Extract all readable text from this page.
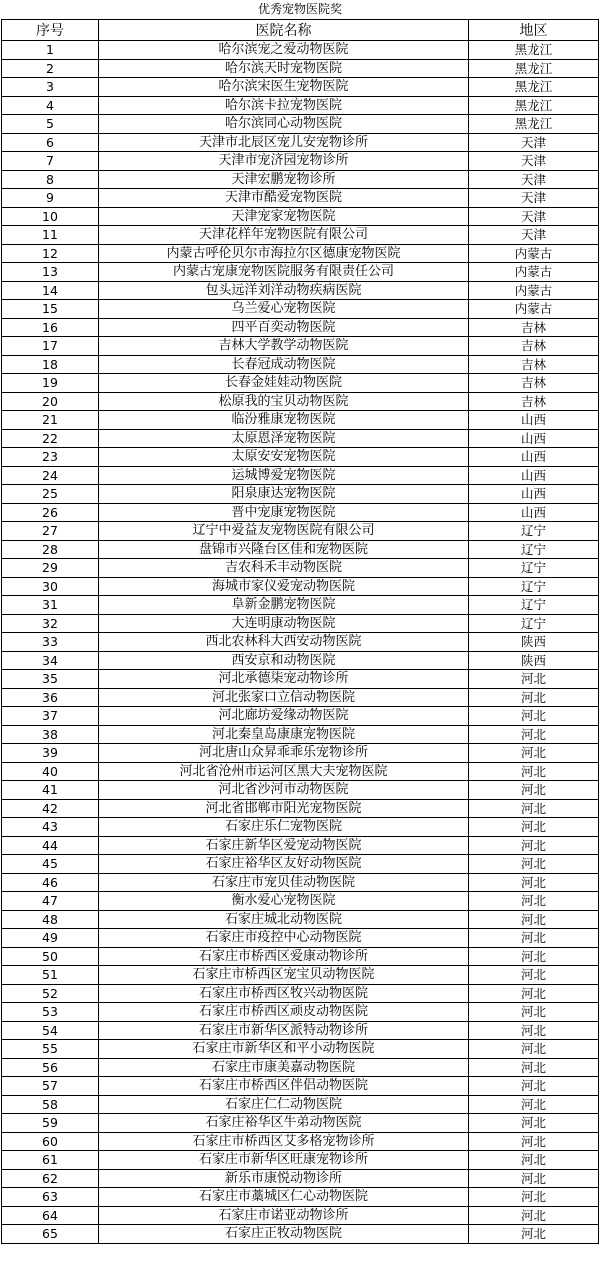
优秀宠物医院奖
序号	医院名称	地区
1	哈尔滨宠之爱动物医院	黑龙江
2	哈尔滨天时宠物医院	黑龙江
3	哈尔滨宋医生宠物医院	黑龙江
4	哈尔滨卡拉宠物医院	黑龙江
5	哈尔滨同心动物医院	黑龙江
6	天津市北辰区宠儿安宠物诊所	天津
7	天津市宠济园宠物诊所	天津
8	天津宏鹏宠物诊所	天津
9	天津市酷爱宠物医院	天津
10	天津宠家宠物医院	天津
11	天津花样年宠物医院有限公司	天津
12	内蒙古呼伦贝尔市海拉尔区德康宠物医院	内蒙古
13	内蒙古宠康宠物医院服务有限责任公司	内蒙古
14	包头远洋刘洋动物疾病医院	内蒙古
15	乌兰爱心宠物医院	内蒙古
16	四平百奕动物医院	吉林
17	吉林大学教学动物医院	吉林
18	长春冠成动物医院	吉林
19	长春金娃娃动物医院	吉林
20	松原我的宝贝动物医院	吉林
21	临汾雅康宠物医院	山西
22	太原恩泽宠物医院	山西
23	太原安安宠物医院	山西
24	运城博爱宠物医院	山西
25	阳泉康达宠物医院	山西
26	晋中宠康宠物医院	山西
27	辽宁中爱益友宠物医院有限公司	辽宁
28	盘锦市兴隆台区佳和宠物医院	辽宁
29	吉农科禾丰动物医院	辽宁
30	海城市家仪爱宠动物医院	辽宁
31	阜新金鹏宠物医院	辽宁
32	大连明康动物医院	辽宁
33	西北农林科大西安动物医院	陕西
34	西安京和动物医院	陕西
35	河北承德柒宠动物诊所	河北
36	河北张家口立信动物医院	河北
37	河北廊坊爱缘动物医院	河北
38	河北秦皇岛康康宠物医院	河北
39	河北唐山众昇乖乖乐宠物诊所	河北
40	河北省沧州市运河区黑大夫宠物医院	河北
41	河北省沙河市动物医院	河北
42	河北省邯郸市阳光宠物医院	河北
43	石家庄乐仁宠物医院	河北
44	石家庄新华区爱宠动物医院	河北
45	石家庄裕华区友好动物医院	河北
46	石家庄市宠贝佳动物医院	河北
47	衡水爱心宠物医院	河北
48	石家庄城北动物医院	河北
49	石家庄市疫控中心动物医院	河北
50	石家庄市桥西区爱康动物诊所	河北
51	石家庄市桥西区宠宝贝动物医院	河北
52	石家庄市桥西区牧兴动物医院	河北
53	石家庄市桥西区顽皮动物医院	河北
54	石家庄市新华区派特动物诊所	河北
55	石家庄市新华区和平小动物医院	河北
56	石家庄市康美嘉动物医院	河北
57	石家庄市桥西区伴侣动物医院	河北
58	石家庄仁仁动物医院	河北
59	石家庄裕华区牛弟动物医院	河北
60	石家庄市桥西区艾多格宠物诊所	河北
61	石家庄市新华区旺康宠物诊所	河北
62	新乐市康悦动物诊所	河北
63	石家庄市藁城区仁心动物医院	河北
64	石家庄市诺亚动物诊所	河北
65	石家庄正牧动物医院	河北
